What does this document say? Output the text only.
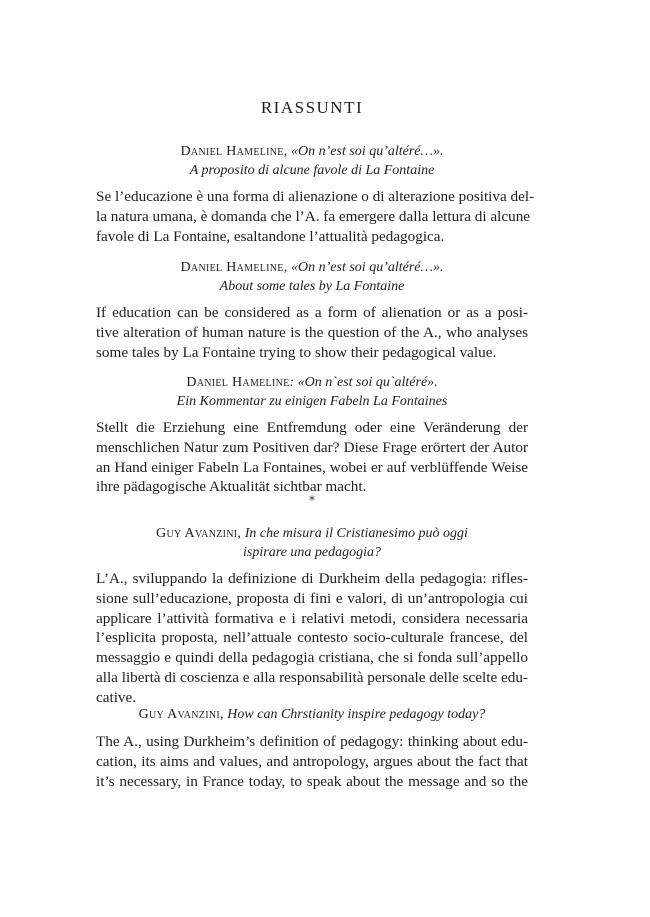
RIASSUNTI
Daniel Hameline, «On n’est soi qu’altéré…».
A proposito di alcune favole di La Fontaine
Se l’educazione è una forma di alienazione o di alterazione positiva del-
la natura umana, è domanda che l’A. fa emergere dalla lettura di alcune
favole di La Fontaine, esaltandone l’attualità pedagogica.
Daniel Hameline, «On n’est soi qu’altéré…».
About some tales by La Fontaine
If education can be considered as a form of alienation or as a posi-
tive alteration of human nature is the question of the A., who analyses
some tales by La Fontaine trying to show their pedagogical value.
Daniel Hameline: «On n`est soi qu`altéré».
Ein Kommentar zu einigen Fabeln La Fontaines
Stellt die Erziehung eine Entfremdung oder eine Veränderung der
menschlichen Natur zum Positiven dar? Diese Frage erörtert der Autor
an Hand einiger Fabeln La Fontaines, wobei er auf verblüffende Weise
ihre pädagogische Aktualität sichtbar macht.
*
Guy Avanzini, In che misura il Cristianesimo può oggi
ispirare una pedagogia?
L’A., sviluppando la definizione di Durkheim della pedagogia: rifles-
sione sull’educazione, proposta di fini e valori, di un’antropologia cui
applicare l’attività formativa e i relativi metodi, considera necessaria
l’esplicita proposta, nell’attuale contesto socio-culturale francese, del
messaggio e quindi della pedagogia cristiana, che si fonda sull’appello
alla libertà di coscienza e alla responsabilità personale delle scelte edu-
cative.
Guy Avanzini, How can Chrstianity inspire pedagogy today?
The A., using Durkheim’s definition of pedagogy: thinking about edu-
cation, its aims and values, and antropology, argues about the fact that
it’s necessary, in France today, to speak about the message and so the
